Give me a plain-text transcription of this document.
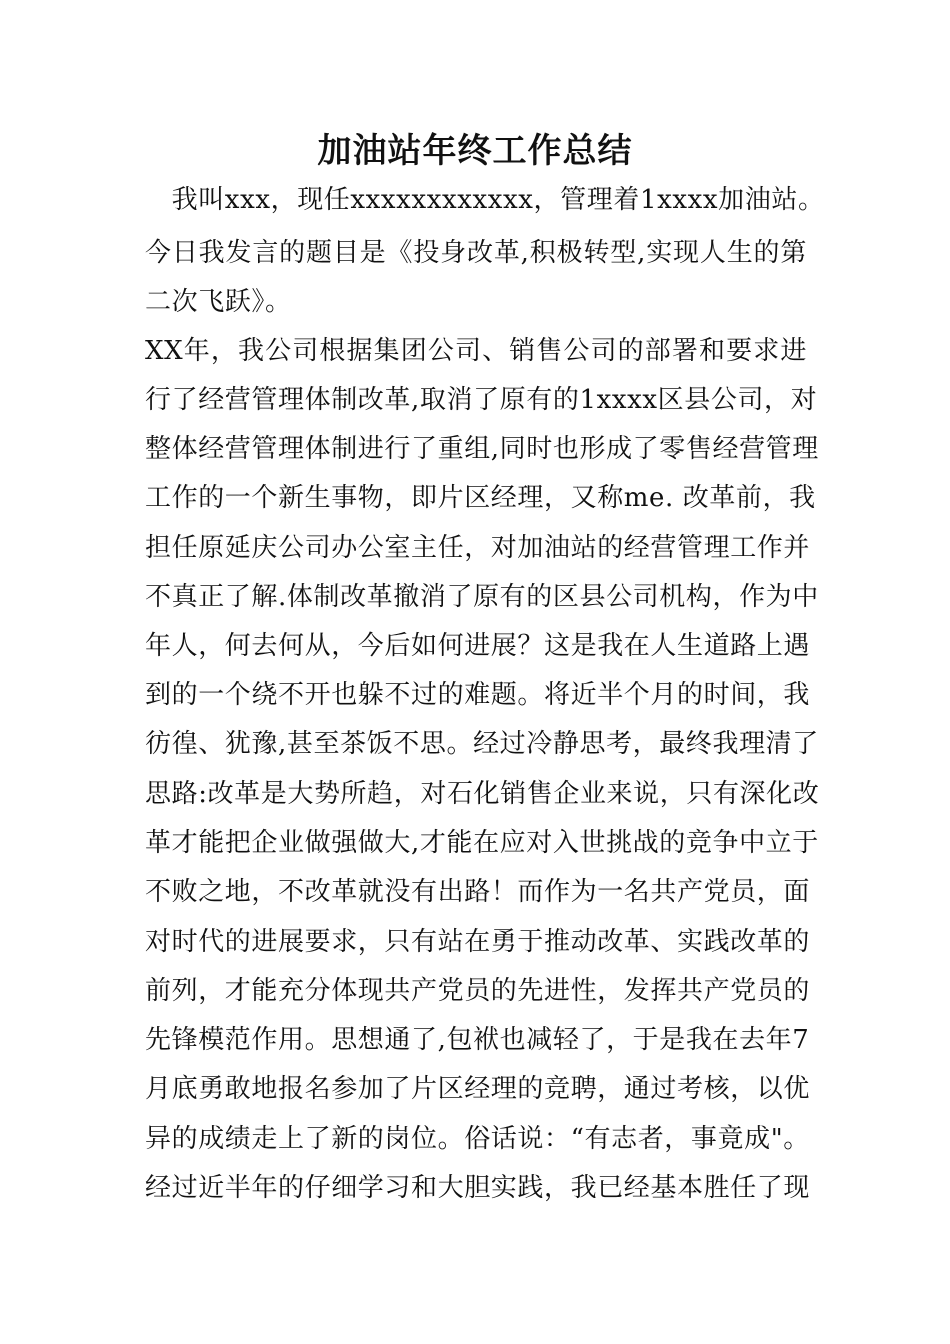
加油站年终工作总结
　我叫xxx，现任xxxxxxxxxxxx，管理着1xxxx加油站。
今日我发言的题目是《投身改革,积极转型,实现人生的第
二次飞跃》。
XX年，我公司根据集团公司、销售公司的部署和要求进
行了经营管理体制改革,取消了原有的1xxxx区县公司，对
整体经营管理体制进行了重组,同时也形成了零售经营管理
工作的一个新生事物，即片区经理，又称me. 改革前，我
担任原延庆公司办公室主任，对加油站的经营管理工作并
不真正了解.体制改革撤消了原有的区县公司机构，作为中
年人，何去何从，今后如何进展？这是我在人生道路上遇
到的一个绕不开也躲不过的难题。将近半个月的时间，我
彷徨、犹豫,甚至茶饭不思。经过冷静思考，最终我理清了
思路:改革是大势所趋，对石化销售企业来说，只有深化改
革才能把企业做强做大,才能在应对入世挑战的竞争中立于
不败之地，不改革就没有出路！而作为一名共产党员，面
对时代的进展要求，只有站在勇于推动改革、实践改革的
前列，才能充分体现共产党员的先进性，发挥共产党员的
先锋模范作用。思想通了,包袱也减轻了，于是我在去年7
月底勇敢地报名参加了片区经理的竞聘，通过考核，以优
异的成绩走上了新的岗位。俗话说：“有志者，事竟成"。
经过近半年的仔细学习和大胆实践，我已经基本胜任了现
